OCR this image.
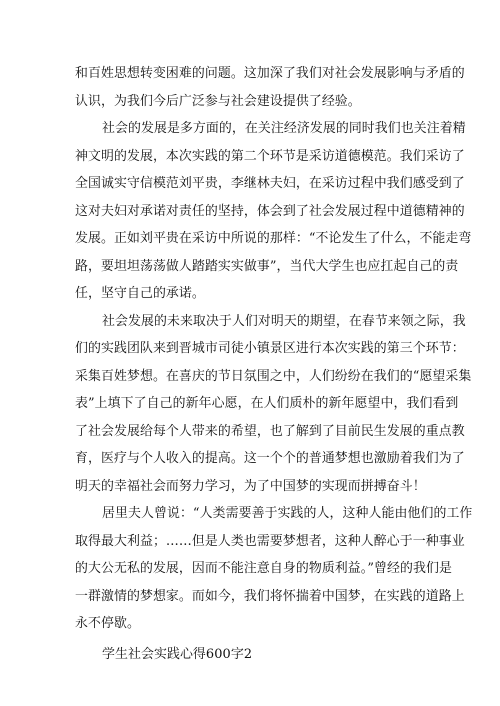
和百姓思想转变困难的问题。这加深了我们对社会发展影响与矛盾的
认识，为我们今后广泛参与社会建设提供了经验。
社会的发展是多方面的，在关注经济发展的同时我们也关注着精
神文明的发展，本次实践的第二个环节是采访道德模范。我们采访了
全国诚实守信模范刘平贵，李继林夫妇，在采访过程中我们感受到了
这对夫妇对承诺对责任的坚持，体会到了社会发展过程中道德精神的
发展。正如刘平贵在采访中所说的那样：“不论发生了什么，不能走弯
路，要坦坦荡荡做人踏踏实实做事”，当代大学生也应扛起自己的责
任，坚守自己的承诺。
社会发展的未来取决于人们对明天的期望，在春节来领之际，我
们的实践团队来到晋城市司徒小镇景区进行本次实践的第三个环节：
采集百姓梦想。在喜庆的节日氛围之中，人们纷纷在我们的“愿望采集
表”上填下了自己的新年心愿，在人们质朴的新年愿望中，我们看到
了社会发展给每个人带来的希望，也了解到了目前民生发展的重点教
育，医疗与个人收入的提高。这一个个的普通梦想也激励着我们为了
明天的幸福社会而努力学习，为了中国梦的实现而拼搏奋斗！
居里夫人曾说：“人类需要善于实践的人，这种人能由他们的工作
取得最大利益；……但是人类也需要梦想者，这种人醉心于一种事业
的大公无私的发展，因而不能注意自身的物质利益。”曾经的我们是
一群激情的梦想家。而如今，我们将怀揣着中国梦，在实践的道路上
永不停歇。
学生社会实践心得600字2
